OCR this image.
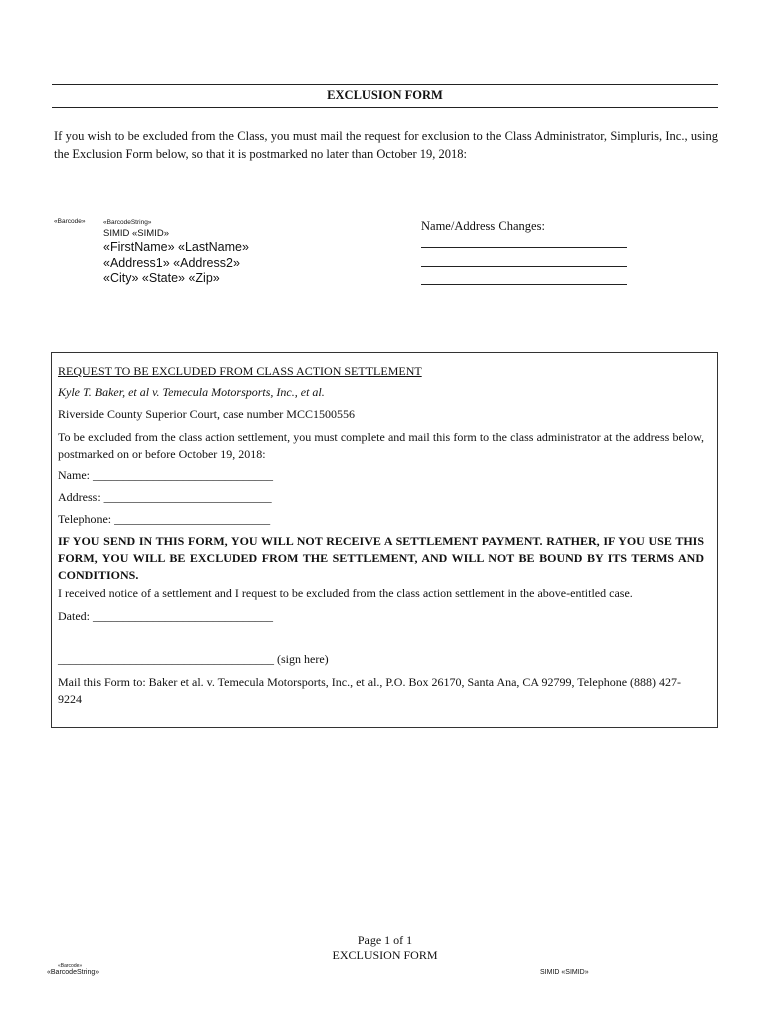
EXCLUSION FORM
If you wish to be excluded from the Class, you must mail the request for exclusion to the Class Administrator, Simpluris, Inc., using the Exclusion Form below, so that it is postmarked no later than October 19, 2018:
«Barcode»	«BarcodeString»
SIMID «SIMID»
«FirstName» «LastName»
«Address1» «Address2»
«City» «State» «Zip»
Name/Address Changes:
REQUEST TO BE EXCLUDED FROM CLASS ACTION SETTLEMENT
Kyle T. Baker, et al v. Temecula Motorsports, Inc., et al.
Riverside County Superior Court, case number MCC1500556
To be excluded from the class action settlement, you must complete and mail this form to the class administrator at the address below, postmarked on or before October 19, 2018:
Name: ______________________________
Address: ____________________________
Telephone: __________________________
IF YOU SEND IN THIS FORM, YOU WILL NOT RECEIVE A SETTLEMENT PAYMENT. RATHER, IF YOU USE THIS FORM, YOU WILL BE EXCLUDED FROM THE SETTLEMENT, AND WILL NOT BE BOUND BY ITS TERMS AND CONDITIONS.
I received notice of a settlement and I request to be excluded from the class action settlement in the above-entitled case.
Dated: ______________________________
____________________________________ (sign here)
Mail this Form to: Baker et al. v. Temecula Motorsports, Inc., et al., P.O. Box 26170, Santa Ana, CA 92799, Telephone (888) 427-9224
Page 1 of 1
EXCLUSION FORM
«Barcode»
«BarcodeString»	SIMID «SIMID»
